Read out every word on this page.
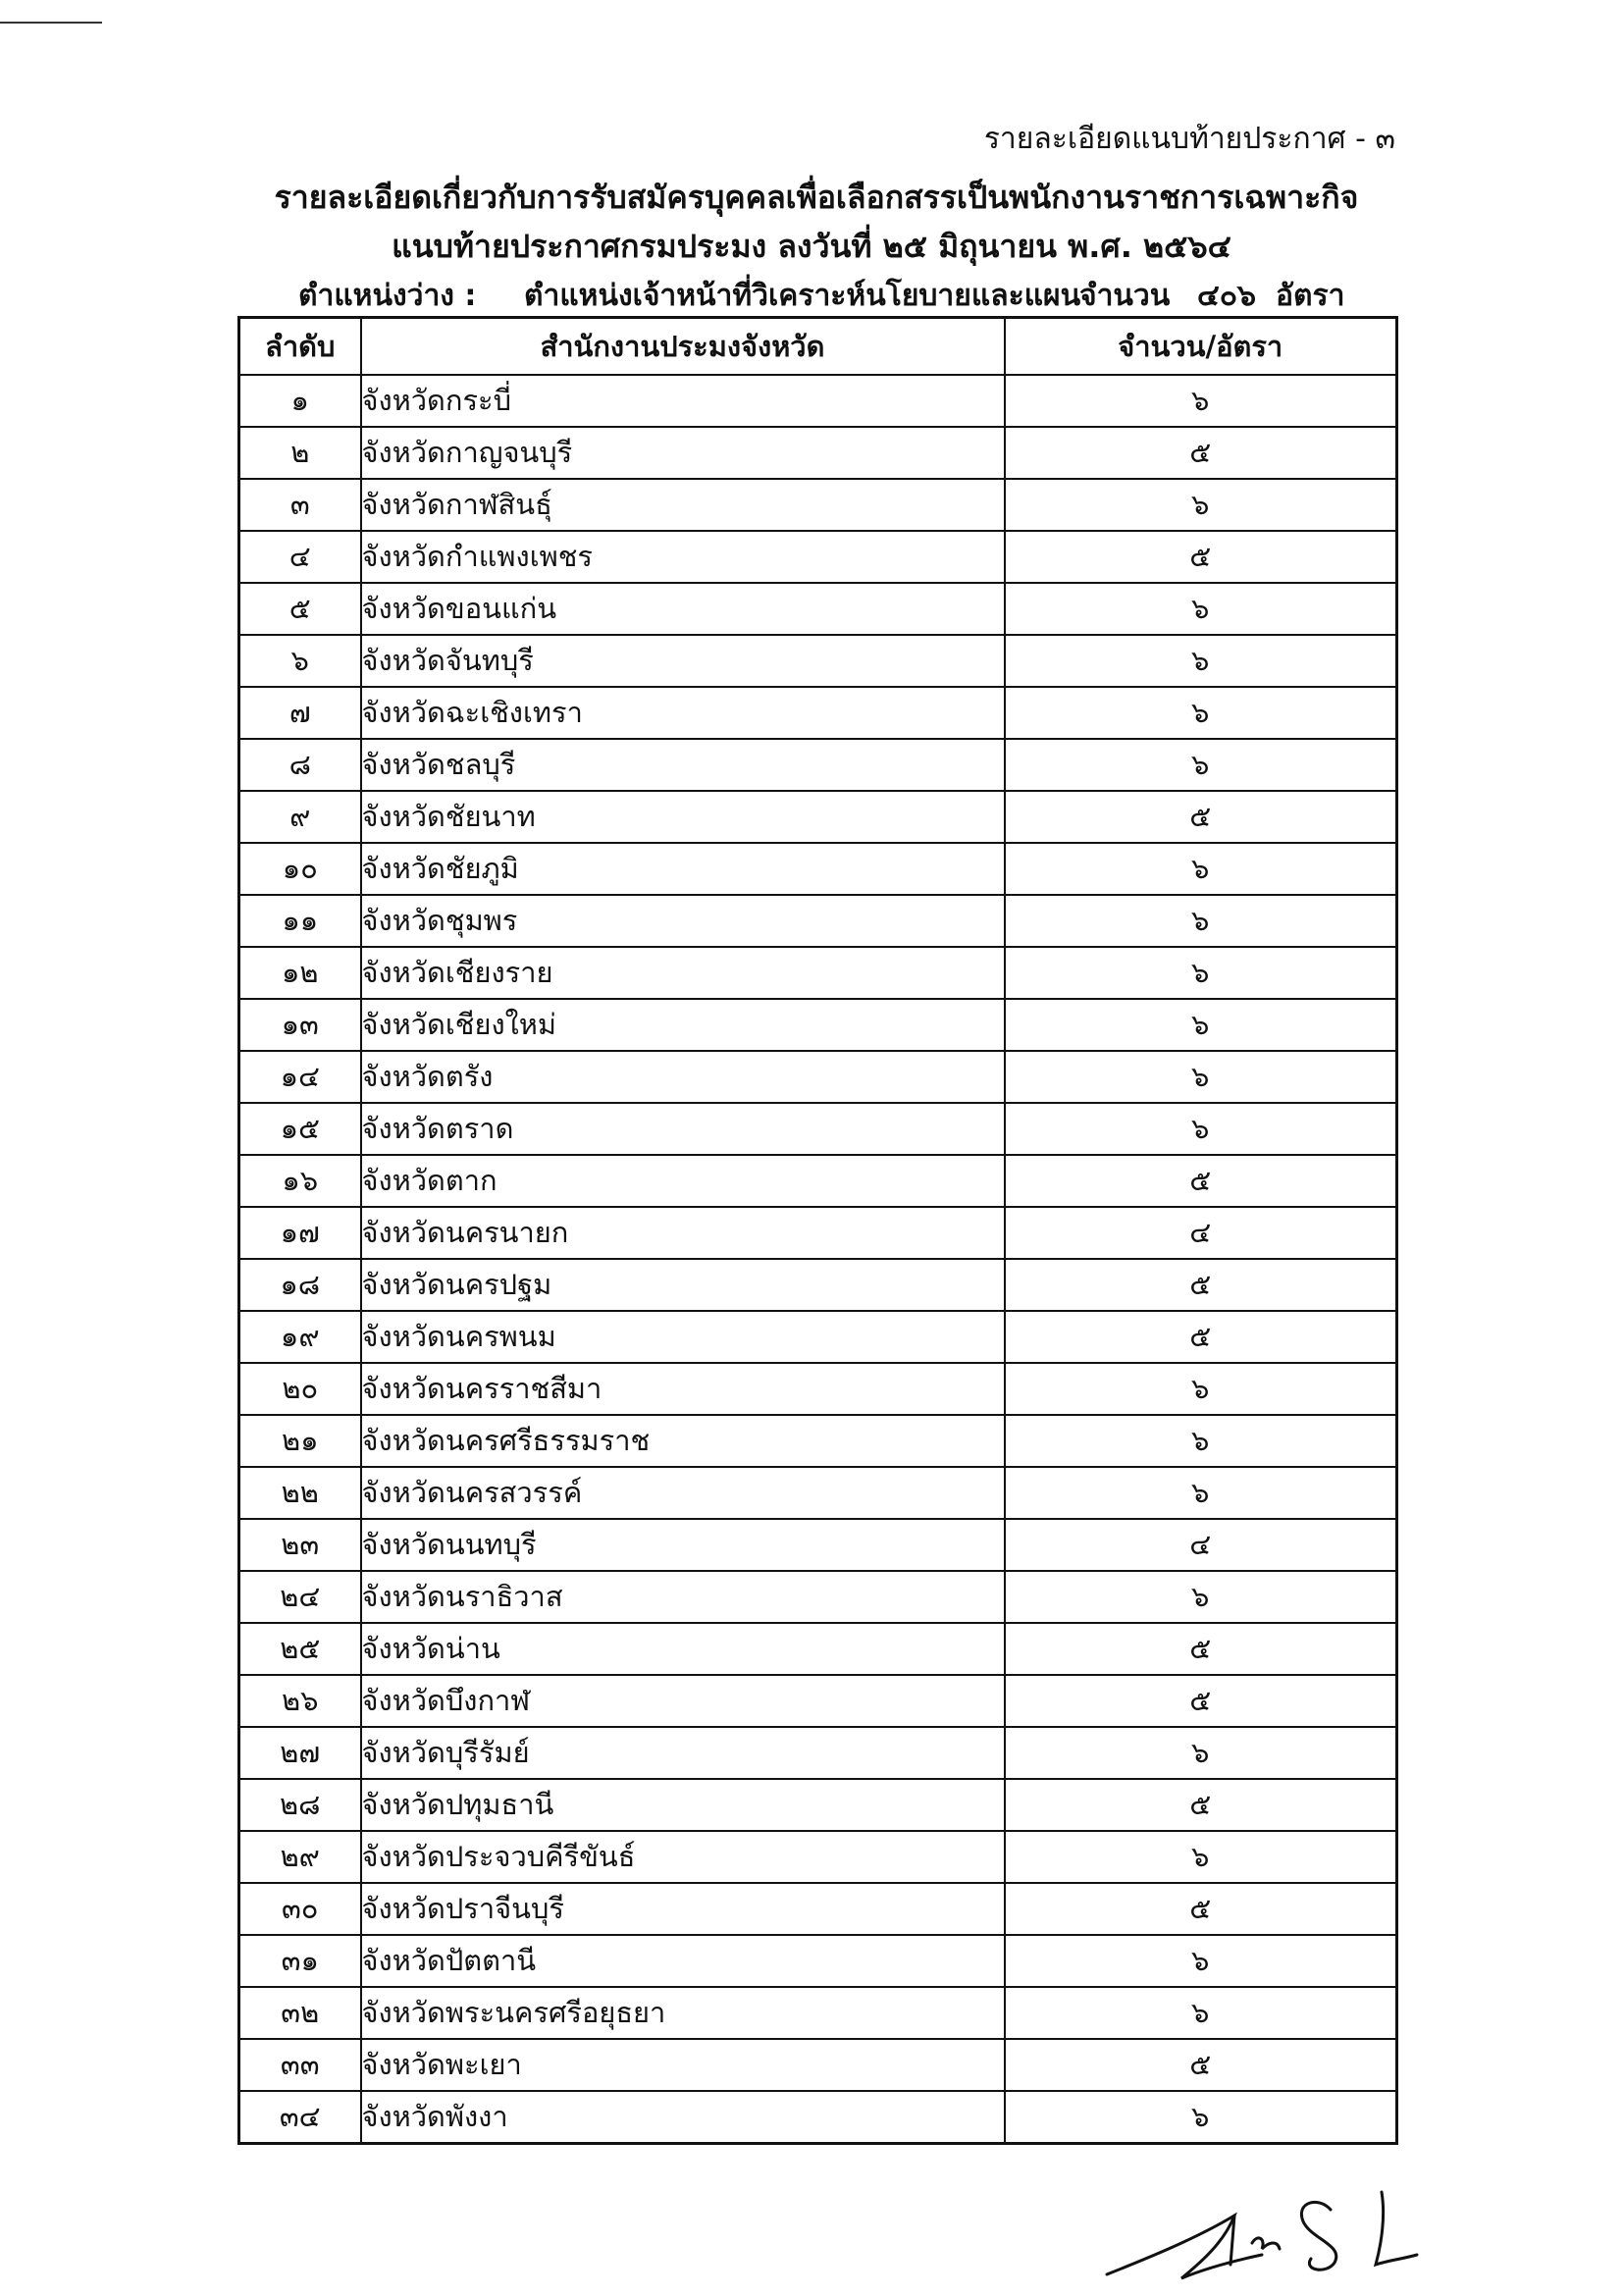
รายละเอียดแนบท้ายประกาศ - ๓
รายละเอียดเกี่ยวกับการรับสมัครบุคคลเพื่อเลือกสรรเป็นพนักงานราชการเฉพาะกิจ
แนบท้ายประกาศกรมประมง ลงวันที่ ๒๕ มิถุนายน พ.ศ. ๒๕๖๔
ตำแหน่งว่าง : ตำแหน่งเจ้าหน้าที่วิเคราะห์นโยบายและแผนจำนวน ๔๐๖ อัตรา
ลำดับ	สำนักงานประมงจังหวัด	จำนวน/อัตรา
๑	จังหวัดกระบี่	๖
๒	จังหวัดกาญจนบุรี	๕
๓	จังหวัดกาฬสินธุ์	๖
๔	จังหวัดกำแพงเพชร	๕
๕	จังหวัดขอนแก่น	๖
๖	จังหวัดจันทบุรี	๖
๗	จังหวัดฉะเชิงเทรา	๖
๘	จังหวัดชลบุรี	๖
๙	จังหวัดชัยนาท	๕
๑๐	จังหวัดชัยภูมิ	๖
๑๑	จังหวัดชุมพร	๖
๑๒	จังหวัดเชียงราย	๖
๑๓	จังหวัดเชียงใหม่	๖
๑๔	จังหวัดตรัง	๖
๑๕	จังหวัดตราด	๖
๑๖	จังหวัดตาก	๕
๑๗	จังหวัดนครนายก	๔
๑๘	จังหวัดนครปฐม	๕
๑๙	จังหวัดนครพนม	๕
๒๐	จังหวัดนครราชสีมา	๖
๒๑	จังหวัดนครศรีธรรมราช	๖
๒๒	จังหวัดนครสวรรค์	๖
๒๓	จังหวัดนนทบุรี	๔
๒๔	จังหวัดนราธิวาส	๖
๒๕	จังหวัดน่าน	๕
๒๖	จังหวัดบึงกาฬ	๕
๒๗	จังหวัดบุรีรัมย์	๖
๒๘	จังหวัดปทุมธานี	๕
๒๙	จังหวัดประจวบคีรีขันธ์	๖
๓๐	จังหวัดปราจีนบุรี	๕
๓๑	จังหวัดปัตตานี	๖
๓๒	จังหวัดพระนครศรีอยุธยา	๖
๓๓	จังหวัดพะเยา	๕
๓๔	จังหวัดพังงา	๖
